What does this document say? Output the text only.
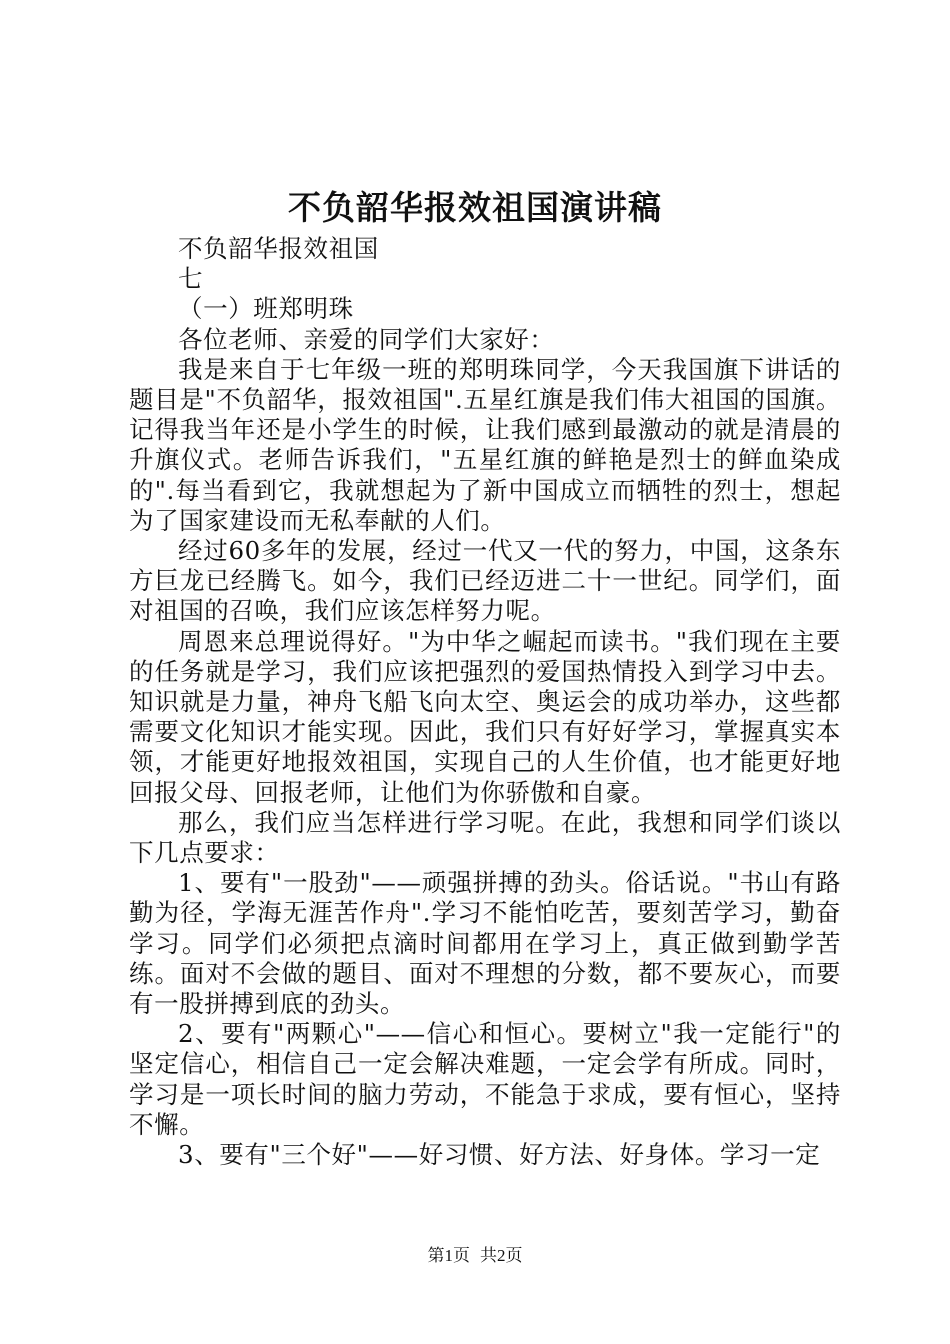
不负韶华报效祖国演讲稿

不负韶华报效祖国

七

（一）班郑明珠

各位老师、亲爱的同学们大家好：

我是来自于七年级一班的郑明珠同学，今天我国旗下讲话的题目是"不负韶华，报效祖国".五星红旗是我们伟大祖国的国旗。记得我当年还是小学生的时候，让我们感到最激动的就是清晨的升旗仪式。老师告诉我们，"五星红旗的鲜艳是烈士的鲜血染成的".每当看到它，我就想起为了新中国成立而牺牲的烈士，想起为了国家建设而无私奉献的人们。

经过60多年的发展，经过一代又一代的努力，中国，这条东方巨龙已经腾飞。如今，我们已经迈进二十一世纪。同学们，面对祖国的召唤，我们应该怎样努力呢。

周恩来总理说得好。"为中华之崛起而读书。"我们现在主要的任务就是学习，我们应该把强烈的爱国热情投入到学习中去。知识就是力量，神舟飞船飞向太空、奥运会的成功举办，这些都需要文化知识才能实现。因此，我们只有好好学习，掌握真实本领，才能更好地报效祖国，实现自己的人生价值，也才能更好地回报父母、回报老师，让他们为你骄傲和自豪。

那么，我们应当怎样进行学习呢。在此，我想和同学们谈以下几点要求：

1、要有"一股劲"——顽强拼搏的劲头。俗话说。"书山有路勤为径，学海无涯苦作舟".学习不能怕吃苦，要刻苦学习，勤奋学习。同学们必须把点滴时间都用在学习上，真正做到勤学苦练。面对不会做的题目、面对不理想的分数，都不要灰心，而要有一股拼搏到底的劲头。

2、要有"两颗心"——信心和恒心。要树立"我一定能行"的坚定信心，相信自己一定会解决难题，一定会学有所成。同时，学习是一项长时间的脑力劳动，不能急于求成，要有恒心，坚持不懈。

3、要有"三个好"——好习惯、好方法、好身体。学习一定

第1页 共2页
